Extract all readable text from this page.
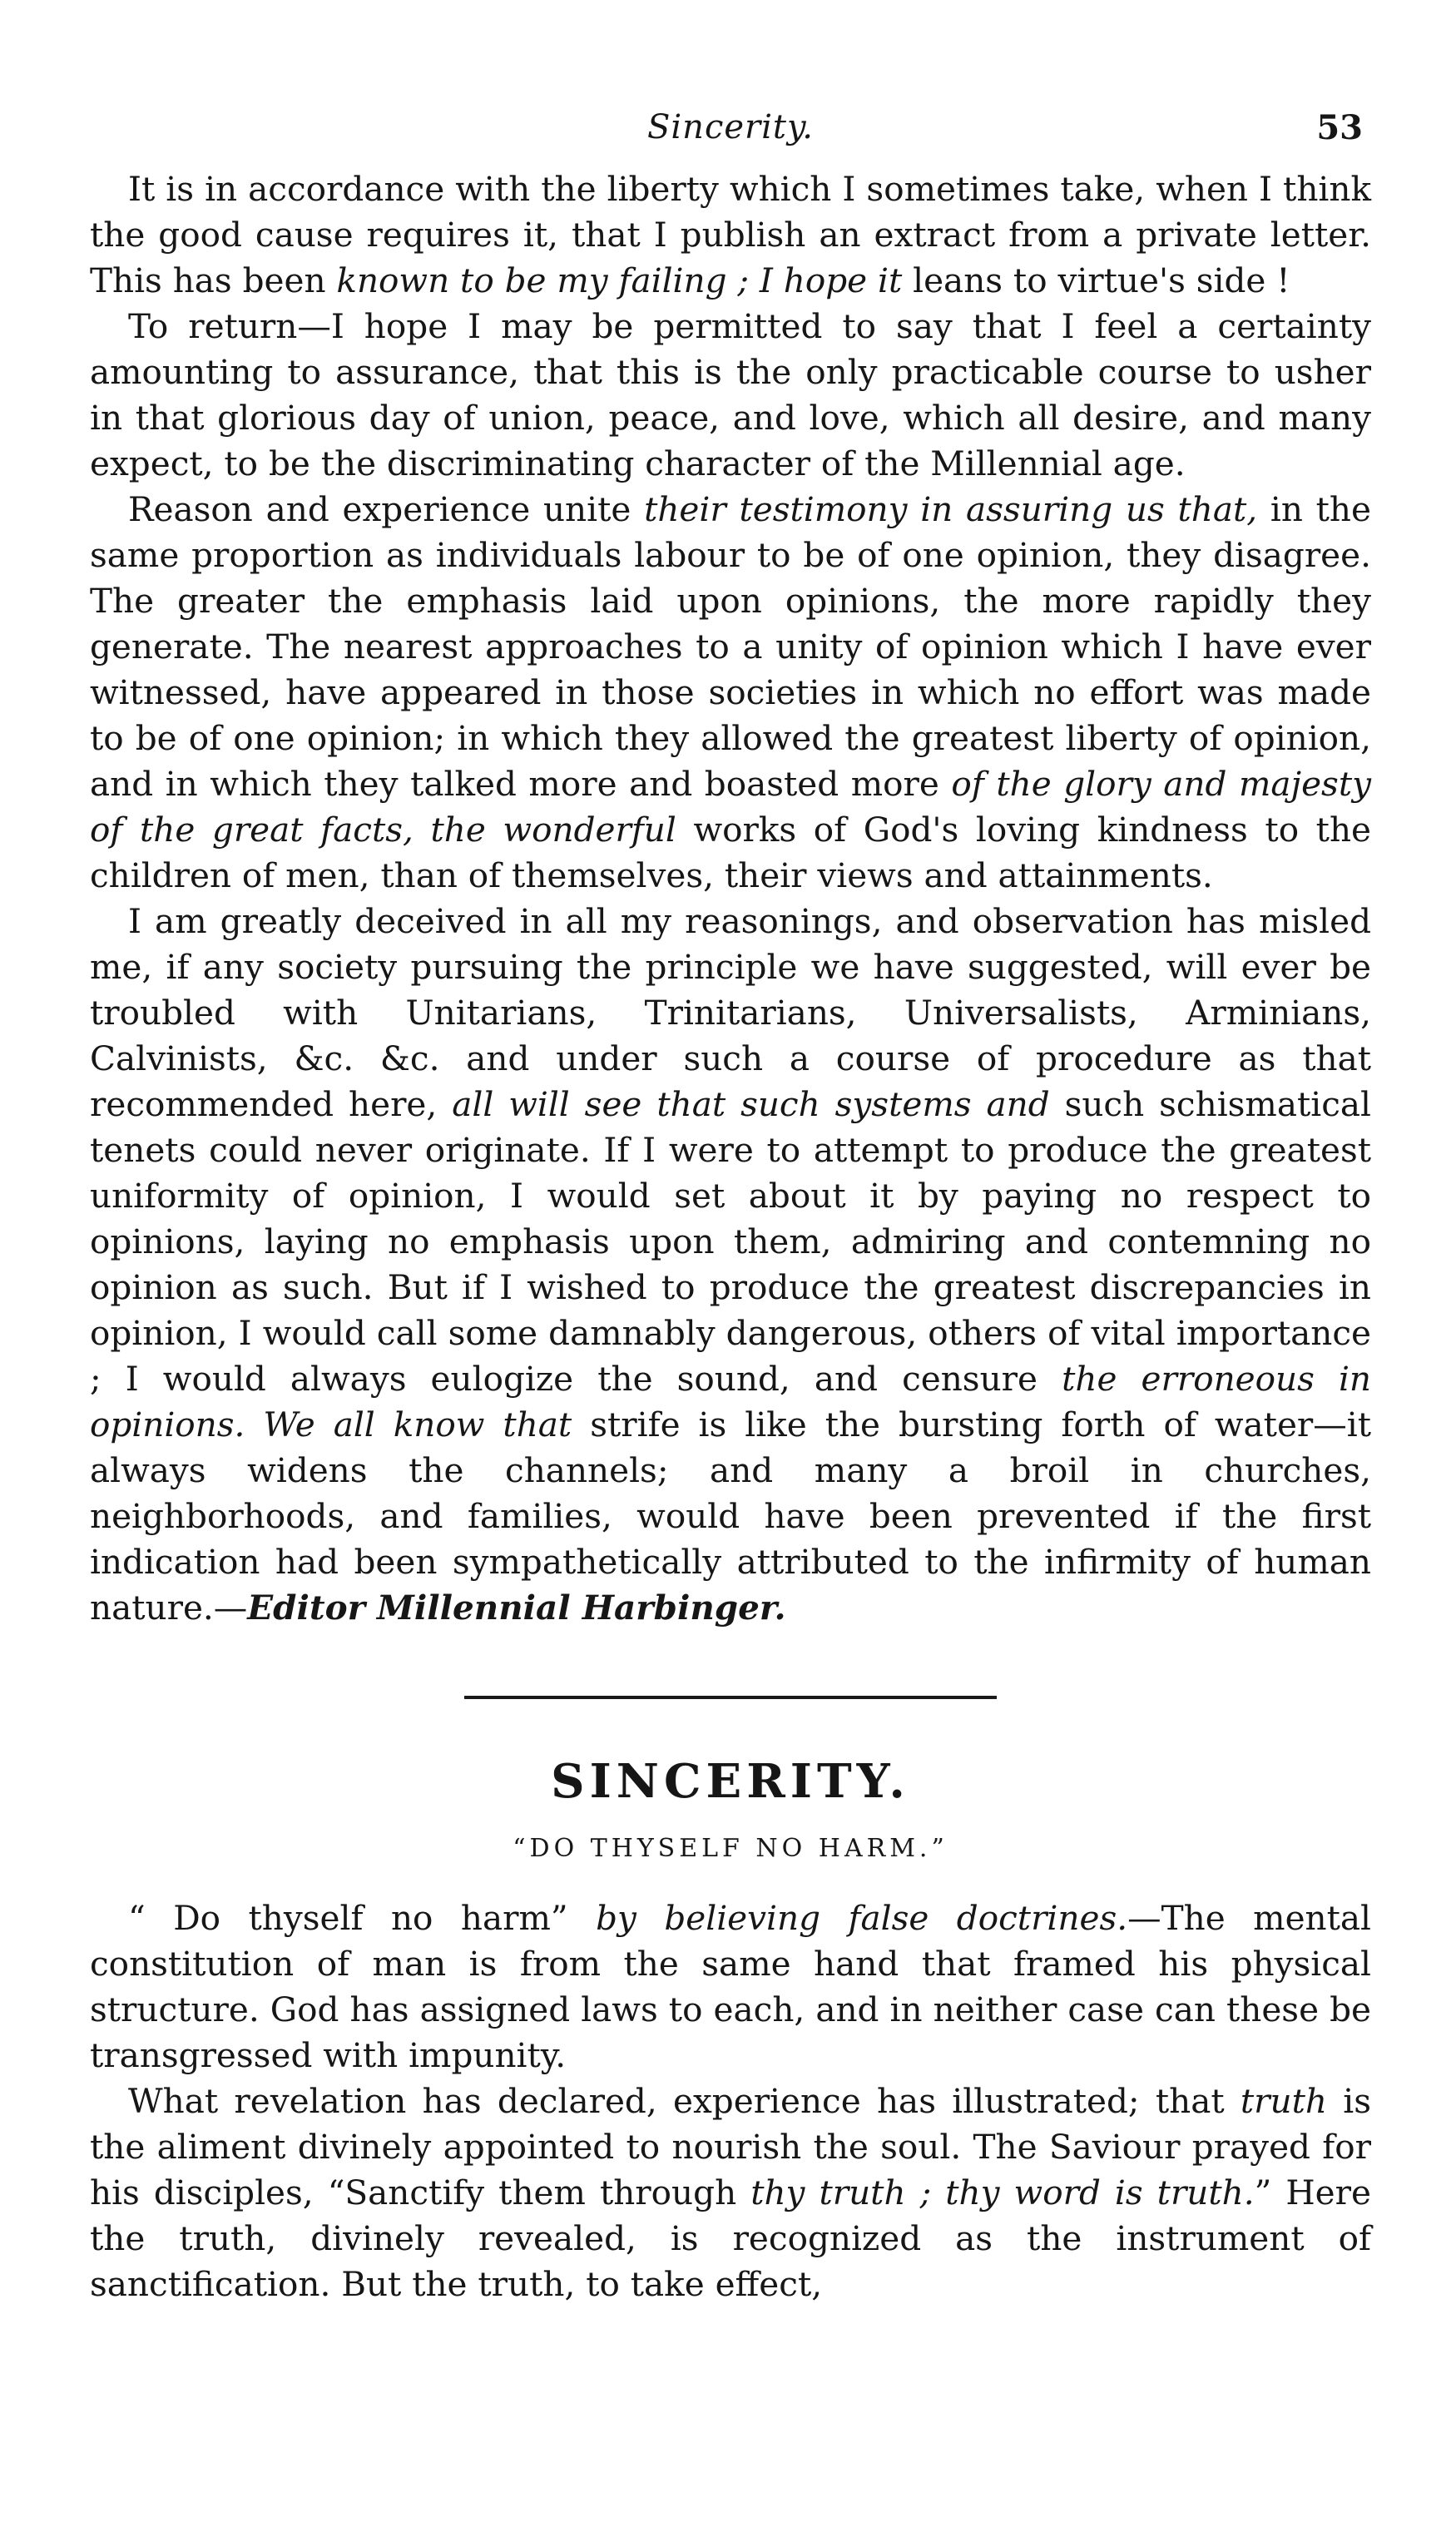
Sincerity.	53

It is in accordance with the liberty which I sometimes take, when I think the good cause requires it, that I publish an extract from a private letter. This has been known to be my failing ; I hope it leans to virtue's side !

To return—I hope I may be permitted to say that I feel a certainty amounting to assurance, that this is the only practicable course to usher in that glorious day of union, peace, and love, which all desire, and many expect, to be the discriminating character of the Millennial age.

Reason and experience unite their testimony in assuring us that, in the same proportion as individuals labour to be of one opinion, they disagree. The greater the emphasis laid upon opinions, the more rapidly they generate. The nearest approaches to a unity of opinion which I have ever witnessed, have appeared in those societies in which no effort was made to be of one opinion; in which they allowed the greatest liberty of opinion, and in which they talked more and boasted more of the glory and majesty of the great facts, the wonderful works of God's loving kindness to the children of men, than of themselves, their views and attainments.

I am greatly deceived in all my reasonings, and observation has misled me, if any society pursuing the principle we have suggested, will ever be troubled with Unitarians, Trinitarians, Universalists, Arminians, Calvinists, &c. &c. and under such a course of procedure as that recommended here, all will see that such systems and such schismatical tenets could never originate. If I were to attempt to produce the greatest uniformity of opinion, I would set about it by paying no respect to opinions, laying no emphasis upon them, admiring and contemning no opinion as such. But if I wished to produce the greatest discrepancies in opinion, I would call some damnably dangerous, others of vital importance ; I would always eulogize the sound, and censure the erroneous in opinions. We all know that strife is like the bursting forth of water—it always widens the channels; and many a broil in churches, neighborhoods, and families, would have been prevented if the first indication had been sympathetically attributed to the infirmity of human nature.—Editor Millennial Harbinger.

SINCERITY.
“DO THYSELF NO HARM.”

“ Do thyself no harm” by believing false doctrines.—The mental constitution of man is from the same hand that framed his physical structure. God has assigned laws to each, and in neither case can these be transgressed with impunity.

What revelation has declared, experience has illustrated; that truth is the aliment divinely appointed to nourish the soul. The Saviour prayed for his disciples, “Sanctify them through thy truth ; thy word is truth.” Here the truth, divinely revealed, is recognized as the instrument of sanctification. But the truth, to take effect,
